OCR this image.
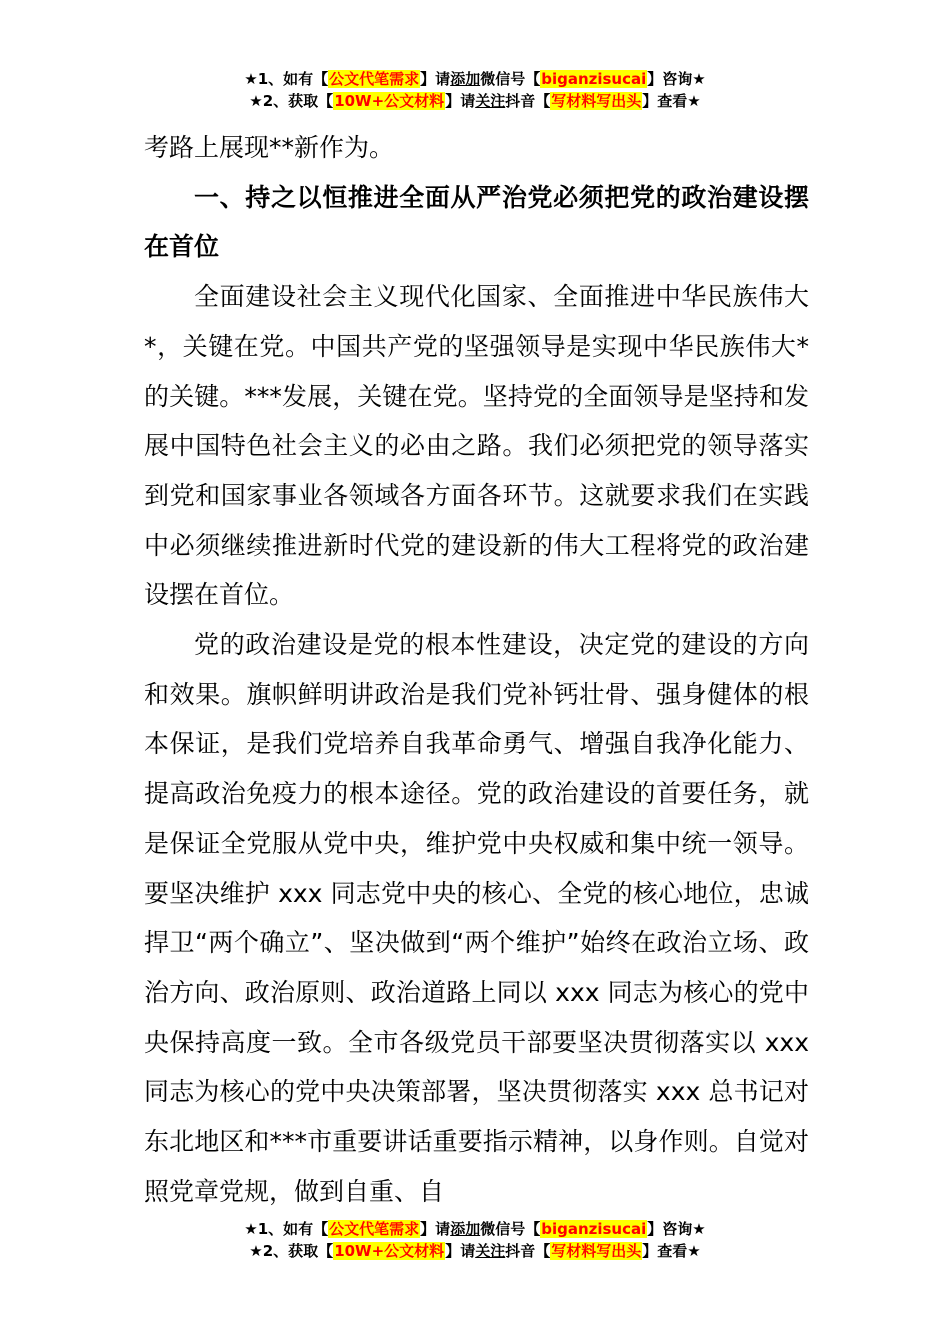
★1、如有【公文代笔需求】请添加微信号【biganzisucai】咨询★
★2、获取【10W+公文材料】请关注抖音【写材料写出头】查看★

考路上展现**新作为。

一、持之以恒推进全面从严治党必须把党的政治建设摆在首位

全面建设社会主义现代化国家、全面推进中华民族伟大*，关键在党。中国共产党的坚强领导是实现中华民族伟大*的关键。***发展，关键在党。坚持党的全面领导是坚持和发展中国特色社会主义的必由之路。我们必须把党的领导落实到党和国家事业各领域各方面各环节。这就要求我们在实践中必须继续推进新时代党的建设新的伟大工程将党的政治建设摆在首位。

党的政治建设是党的根本性建设，决定党的建设的方向和效果。旗帜鲜明讲政治是我们党补钙壮骨、强身健体的根本保证，是我们党培养自我革命勇气、增强自我净化能力、提高政治免疫力的根本途径。党的政治建设的首要任务，就是保证全党服从党中央，维护党中央权威和集中统一领导。要坚决维护 xxx 同志党中央的核心、全党的核心地位，忠诚捍卫“两个确立”、坚决做到“两个维护”始终在政治立场、政治方向、政治原则、政治道路上同以 xxx 同志为核心的党中央保持高度一致。全市各级党员干部要坚决贯彻落实以 xxx 同志为核心的党中央决策部署，坚决贯彻落实 xxx 总书记对东北地区和***市重要讲话重要指示精神，以身作则。自觉对照党章党规，做到自重、自

★1、如有【公文代笔需求】请添加微信号【biganzisucai】咨询★
★2、获取【10W+公文材料】请关注抖音【写材料写出头】查看★
